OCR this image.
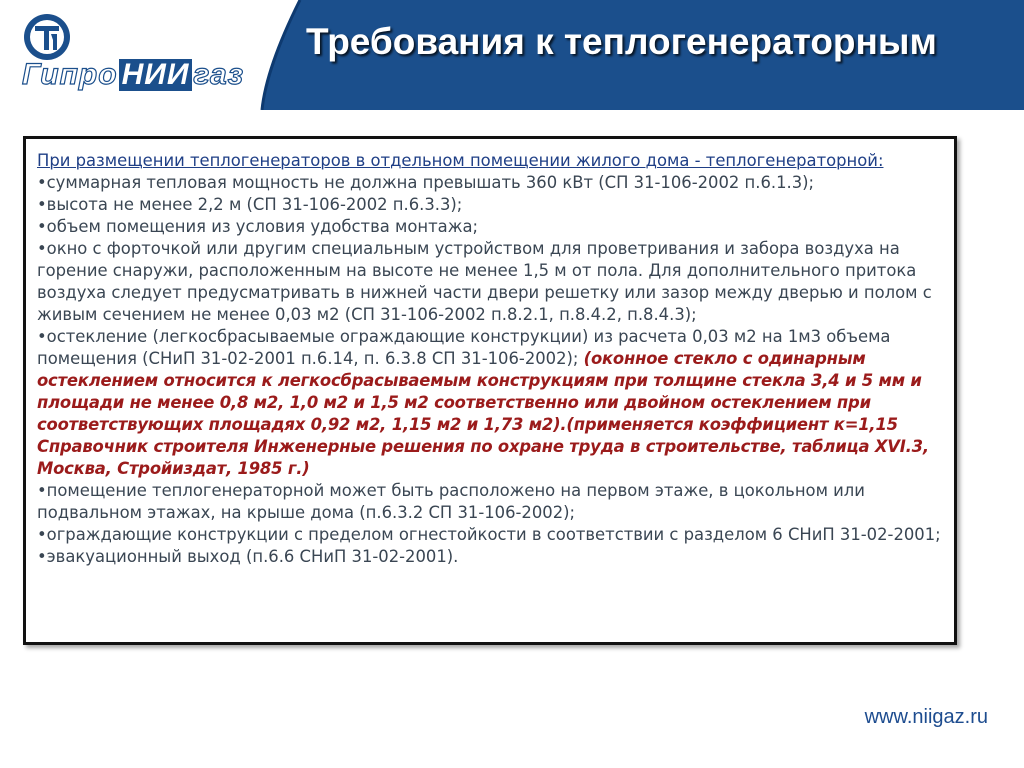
Гипро НИИ газ
Требования к теплогенераторным

При размещении теплогенераторов в отдельном помещении жилого дома - теплогенераторной:

•суммарная тепловая мощность не должна превышать 360 кВт (СП 31-106-2002 п.6.1.3);

•высота не менее 2,2 м (СП 31-106-2002 п.6.3.3);

•объем помещения из условия удобства монтажа;

•окно с форточкой или другим специальным устройством для проветривания и забора воздуха на горение снаружи, расположенным на высоте не менее 1,5 м от пола. Для дополнительного притока воздуха следует предусматривать в нижней части двери решетку или зазор между дверью и полом с живым сечением не менее 0,03 м2 (СП 31-106-2002 п.8.2.1, п.8.4.2, п.8.4.3);

•остекление (легкосбрасываемые ограждающие конструкции) из расчета 0,03 м2 на 1м3 объема помещения (СНиП 31-02-2001 п.6.14, п. 6.3.8 СП 31-106-2002); (оконное стекло с одинарным остеклением относится к легкосбрасываемым конструкциям при толщине стекла 3,4 и 5 мм и площади не менее 0,8 м2, 1,0 м2 и 1,5 м2 соответственно или двойном остеклением при соответствующих площадях 0,92 м2, 1,15 м2 и 1,73 м2).(применяется коэффициент к=1,15 Справочник строителя Инженерные решения по охране труда в строительстве, таблица XVI.3, Москва, Стройиздат, 1985 г.)

•помещение теплогенераторной может быть расположено на первом этаже, в цокольном или подвальном этажах, на крыше дома (п.6.3.2 СП 31-106-2002);

•ограждающие конструкции с пределом огнестойкости в соответствии с разделом 6 СНиП 31-02-2001;

•эвакуационный выход (п.6.6 СНиП 31-02-2001).

www.niigaz.ru
